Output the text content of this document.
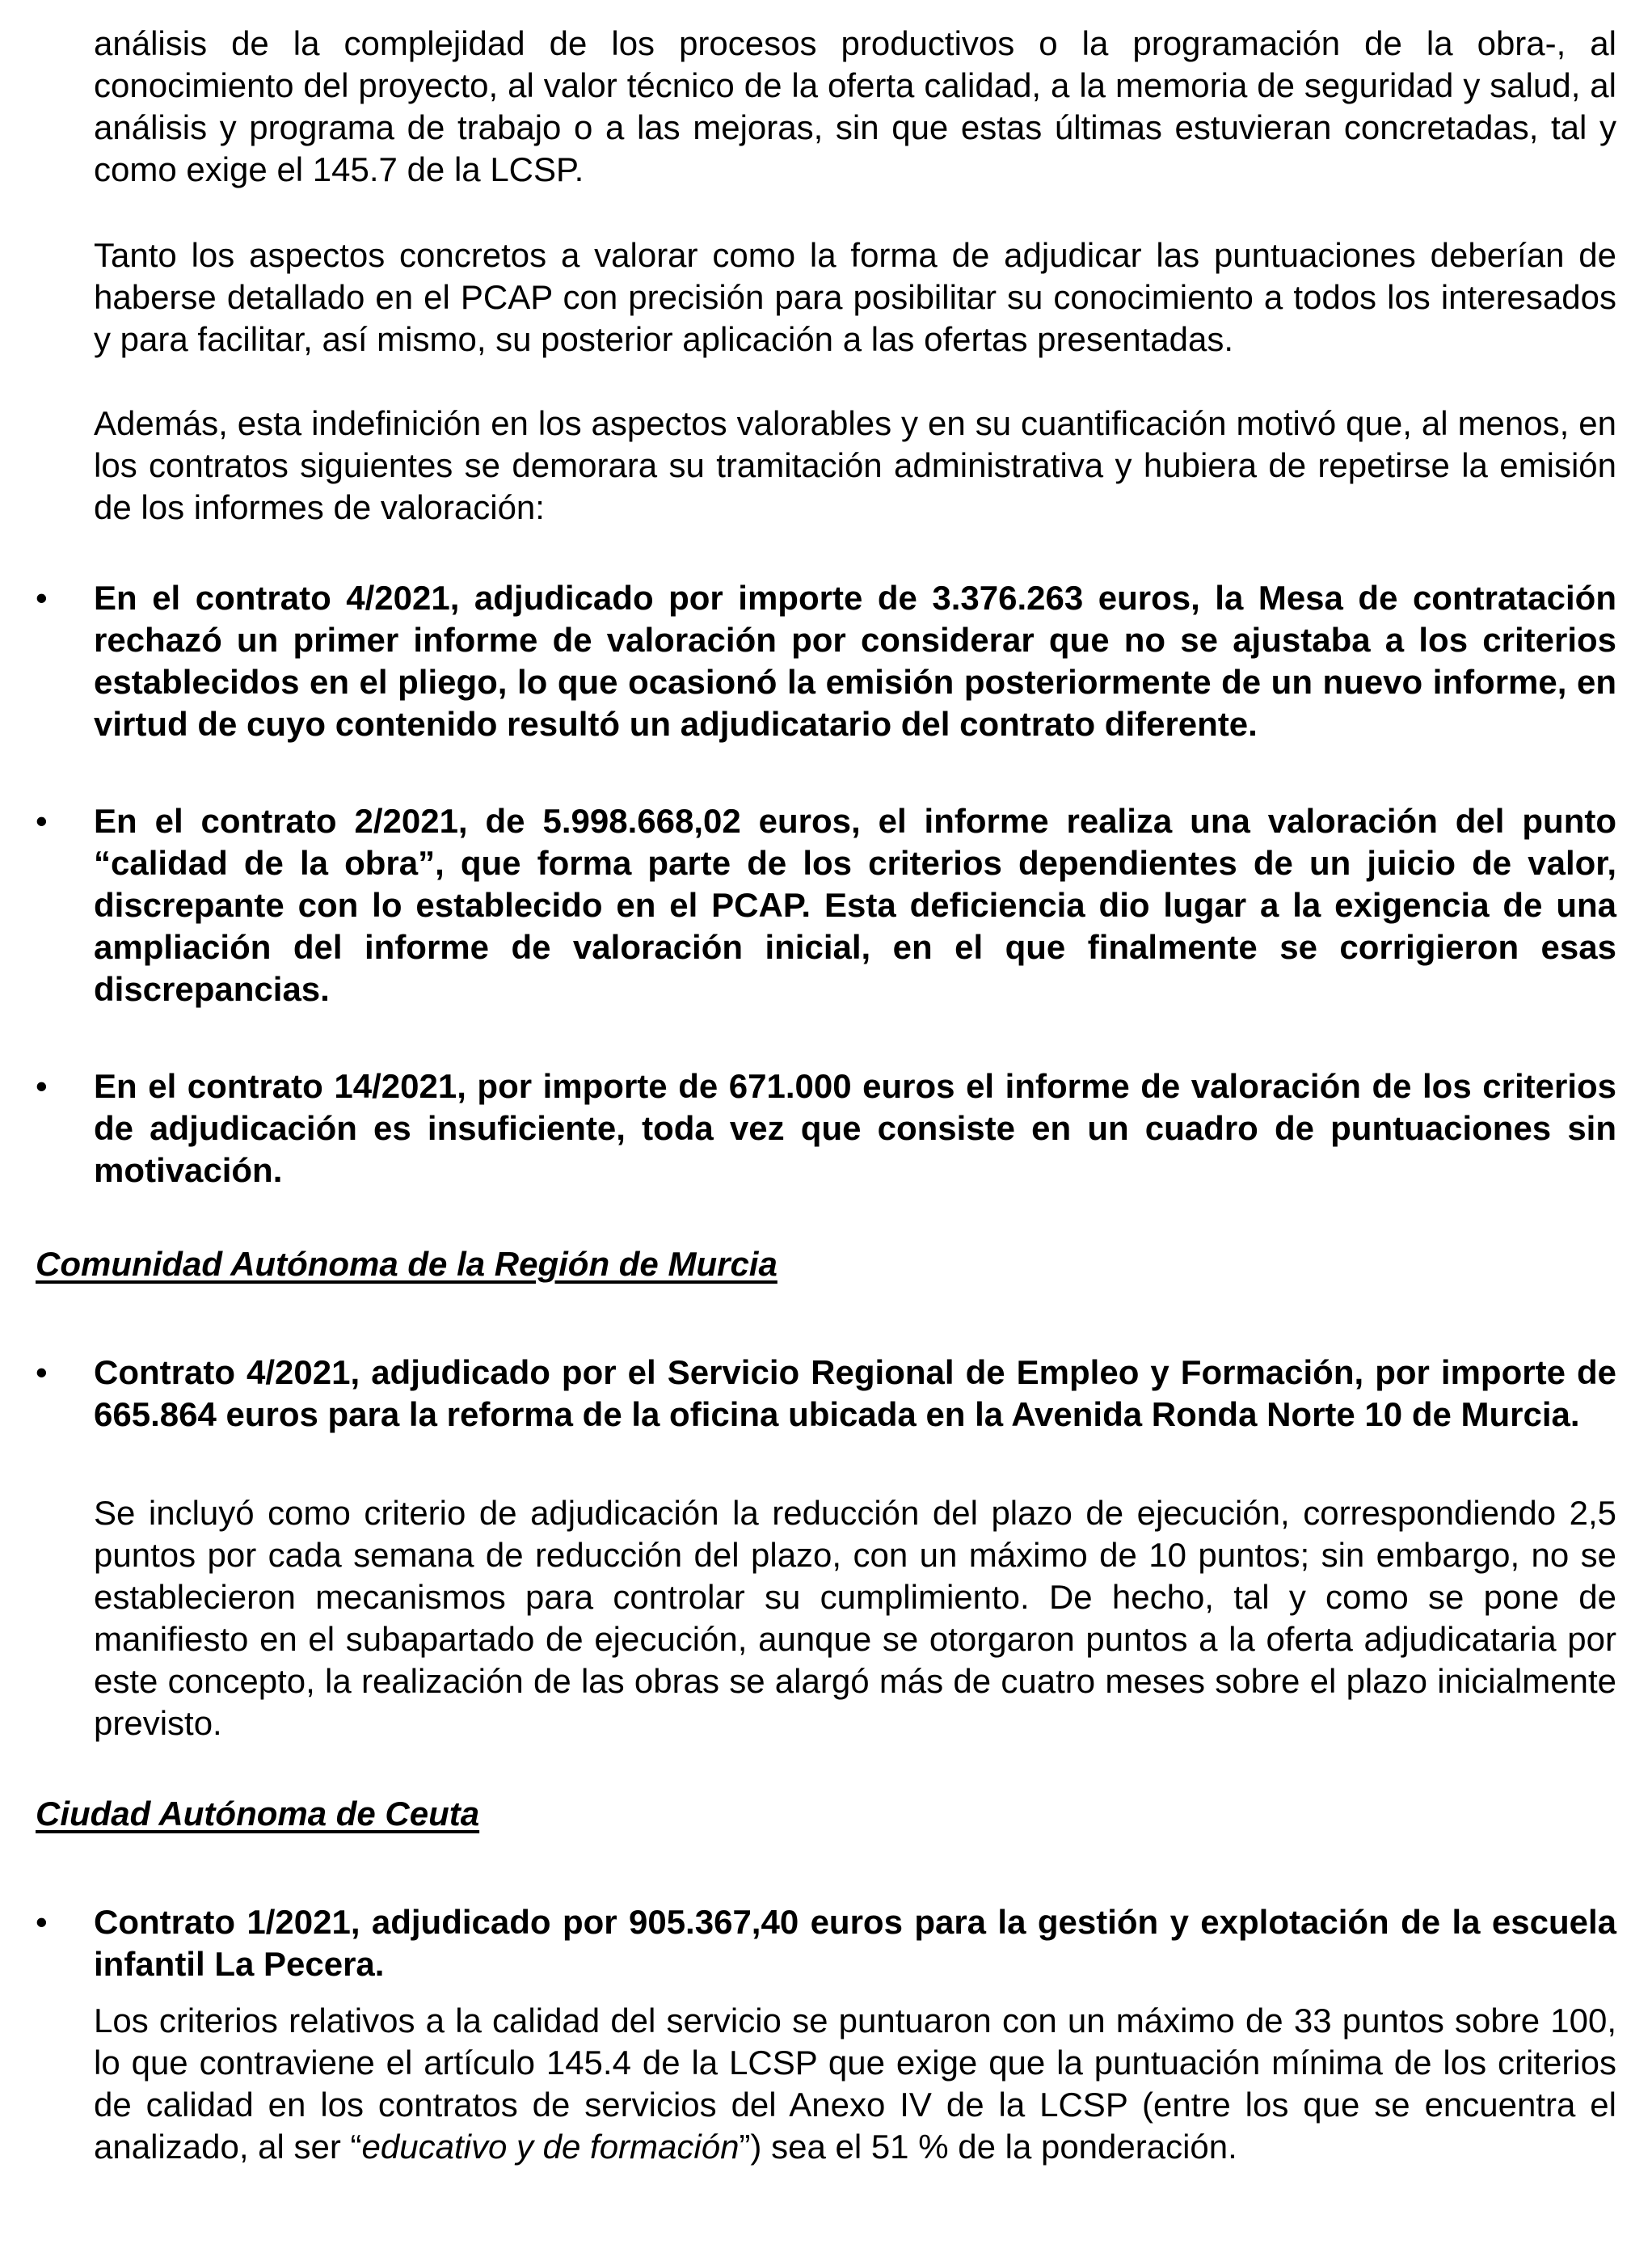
análisis de la complejidad de los procesos productivos o la programación de la obra-, al conocimiento del proyecto, al valor técnico de la oferta calidad, a la memoria de seguridad y salud, al análisis y programa de trabajo o a las mejoras, sin que estas últimas estuvieran concretadas, tal y como exige el 145.7 de la LCSP.

Tanto los aspectos concretos a valorar como la forma de adjudicar las puntuaciones deberían de haberse detallado en el PCAP con precisión para posibilitar su conocimiento a todos los interesados y para facilitar, así mismo, su posterior aplicación a las ofertas presentadas.

Además, esta indefinición en los aspectos valorables y en su cuantificación motivó que, al menos, en los contratos siguientes se demorara su tramitación administrativa y hubiera de repetirse la emisión de los informes de valoración:

• En el contrato 4/2021, adjudicado por importe de 3.376.263 euros, la Mesa de contratación rechazó un primer informe de valoración por considerar que no se ajustaba a los criterios establecidos en el pliego, lo que ocasionó la emisión posteriormente de un nuevo informe, en virtud de cuyo contenido resultó un adjudicatario del contrato diferente.

• En el contrato 2/2021, de 5.998.668,02 euros, el informe realiza una valoración del punto “calidad de la obra”, que forma parte de los criterios dependientes de un juicio de valor, discrepante con lo establecido en el PCAP. Esta deficiencia dio lugar a la exigencia de una ampliación del informe de valoración inicial, en el que finalmente se corrigieron esas discrepancias.

• En el contrato 14/2021, por importe de 671.000 euros el informe de valoración de los criterios de adjudicación es insuficiente, toda vez que consiste en un cuadro de puntuaciones sin motivación.

Comunidad Autónoma de la Región de Murcia

• Contrato 4/2021, adjudicado por el Servicio Regional de Empleo y Formación, por importe de 665.864 euros para la reforma de la oficina ubicada en la Avenida Ronda Norte 10 de Murcia.

Se incluyó como criterio de adjudicación la reducción del plazo de ejecución, correspondiendo 2,5 puntos por cada semana de reducción del plazo, con un máximo de 10 puntos; sin embargo, no se establecieron mecanismos para controlar su cumplimiento. De hecho, tal y como se pone de manifiesto en el subapartado de ejecución, aunque se otorgaron puntos a la oferta adjudicataria por este concepto, la realización de las obras se alargó más de cuatro meses sobre el plazo inicialmente previsto.

Ciudad Autónoma de Ceuta

• Contrato 1/2021, adjudicado por 905.367,40 euros para la gestión y explotación de la escuela infantil La Pecera.

Los criterios relativos a la calidad del servicio se puntuaron con un máximo de 33 puntos sobre 100, lo que contraviene el artículo 145.4 de la LCSP que exige que la puntuación mínima de los criterios de calidad en los contratos de servicios del Anexo IV de la LCSP (entre los que se encuentra el analizado, al ser “educativo y de formación”) sea el 51 % de la ponderación.
